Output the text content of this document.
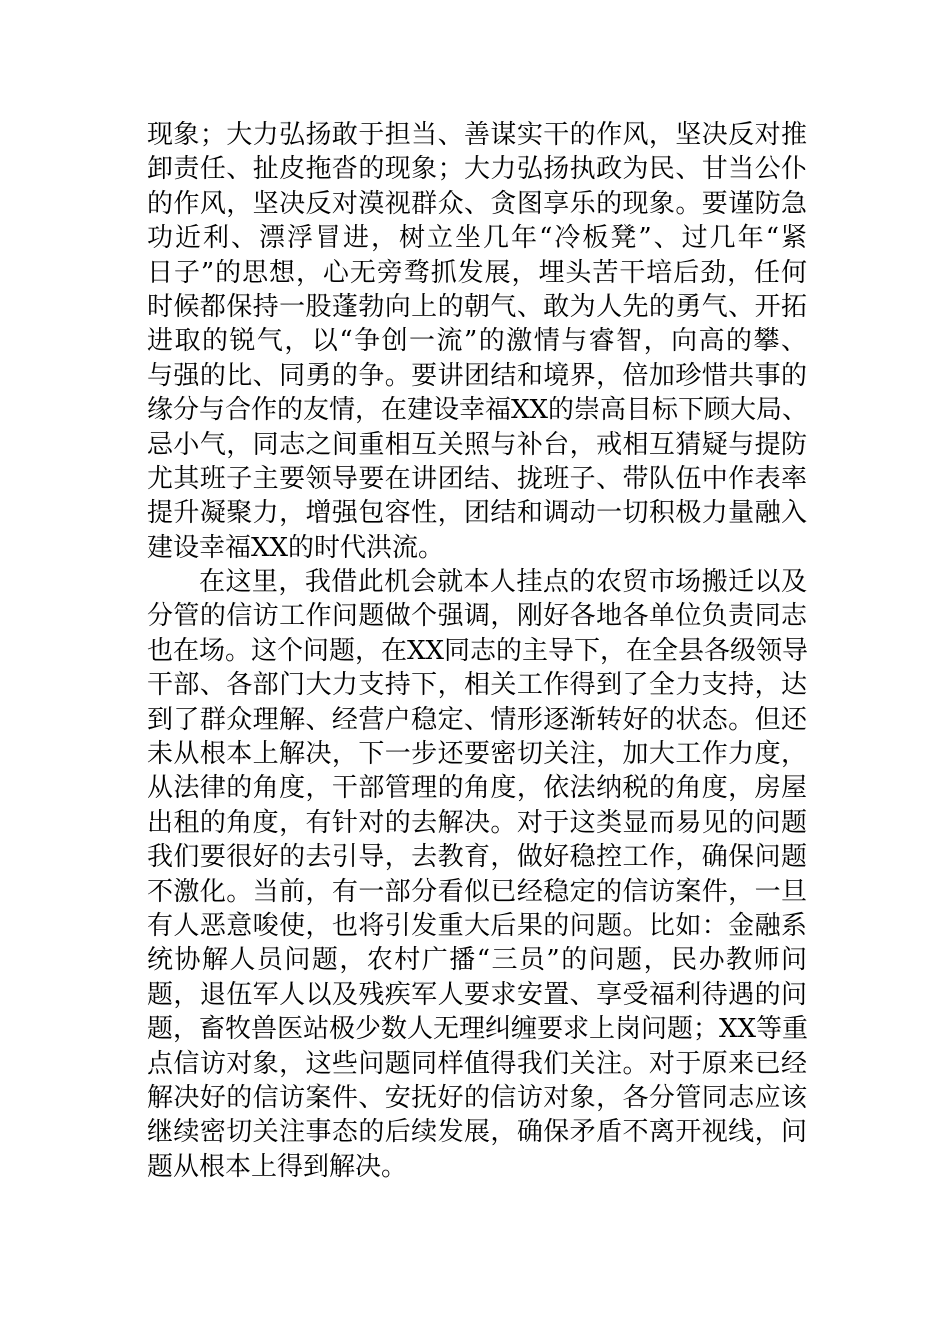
现象；大力弘扬敢于担当、善谋实干的作风，坚决反对推
卸责任、扯皮拖沓的现象；大力弘扬执政为民、甘当公仆
的作风，坚决反对漠视群众、贪图享乐的现象。要谨防急
功近利、漂浮冒进，树立坐几年“冷板凳”、过几年“紧
日子”的思想，心无旁骛抓发展，埋头苦干培后劲，任何
时候都保持一股蓬勃向上的朝气、敢为人先的勇气、开拓
进取的锐气，以“争创一流”的激情与睿智，向高的攀、
与强的比、同勇的争。要讲团结和境界，倍加珍惜共事的
缘分与合作的友情，在建设幸福XX的崇高目标下顾大局、
忌小气，同志之间重相互关照与补台，戒相互猜疑与提防
尤其班子主要领导要在讲团结、拢班子、带队伍中作表率
提升凝聚力，增强包容性，团结和调动一切积极力量融入
建设幸福XX的时代洪流。
在这里，我借此机会就本人挂点的农贸市场搬迁以及
分管的信访工作问题做个强调，刚好各地各单位负责同志
也在场。这个问题，在XX同志的主导下，在全县各级领导
干部、各部门大力支持下，相关工作得到了全力支持，达
到了群众理解、经营户稳定、情形逐渐转好的状态。但还
未从根本上解决，下一步还要密切关注，加大工作力度，
从法律的角度，干部管理的角度，依法纳税的角度，房屋
出租的角度，有针对的去解决。对于这类显而易见的问题
我们要很好的去引导，去教育，做好稳控工作，确保问题
不激化。当前，有一部分看似已经稳定的信访案件，一旦
有人恶意唆使，也将引发重大后果的问题。比如：金融系
统协解人员问题，农村广播“三员”的问题，民办教师问
题，退伍军人以及残疾军人要求安置、享受福利待遇的问
题，畜牧兽医站极少数人无理纠缠要求上岗问题；XX等重
点信访对象，这些问题同样值得我们关注。对于原来已经
解决好的信访案件、安抚好的信访对象，各分管同志应该
继续密切关注事态的后续发展，确保矛盾不离开视线，问
题从根本上得到解决。
